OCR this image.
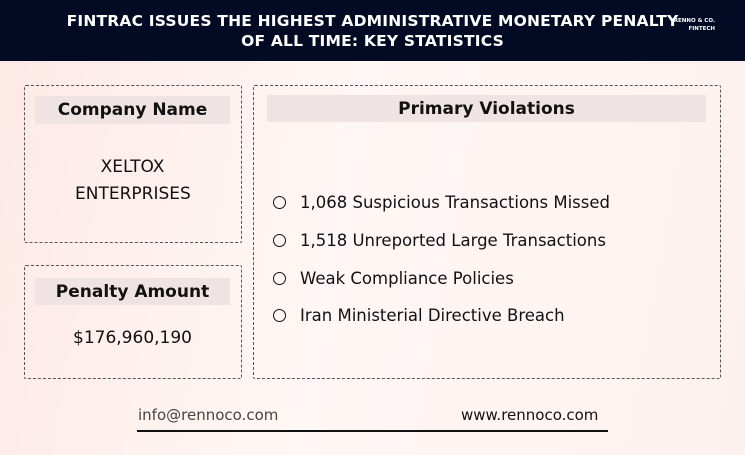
FINTRAC ISSUES THE HIGHEST ADMINISTRATIVE MONETARY PENALTY OF ALL TIME: KEY STATISTICS
RENNO & CO.
FINTECH
Company Name
XELTOX ENTERPRISES
Penalty Amount
$176,960,190
Primary Violations
1,068 Suspicious Transactions Missed
1,518 Unreported Large Transactions
Weak Compliance Policies
Iran Ministerial Directive Breach
info@rennoco.com	www.rennoco.com
